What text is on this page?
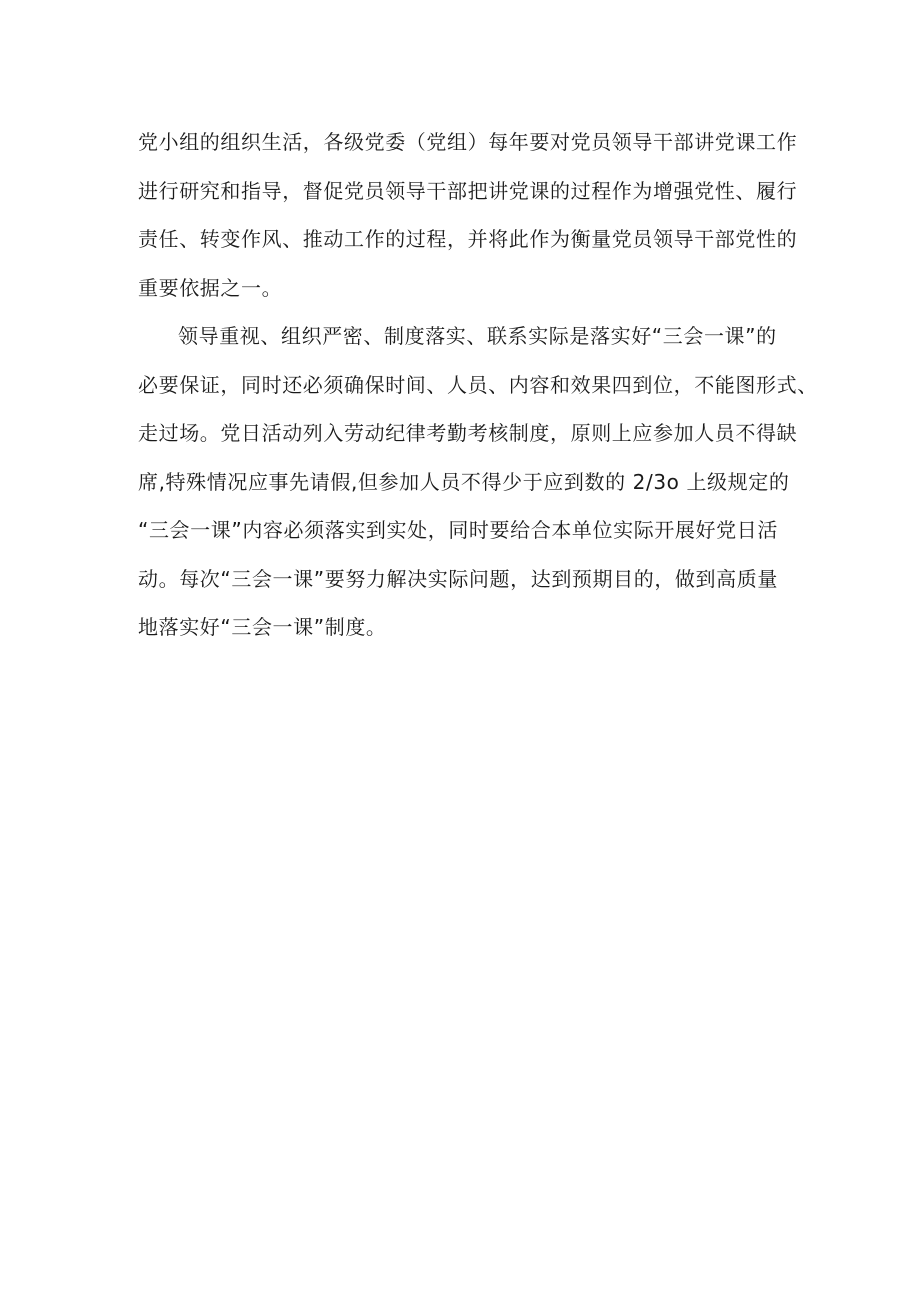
党小组的组织生活，各级党委（党组）每年要对党员领导干部讲党课工作
进行研究和指导，督促党员领导干部把讲党课的过程作为增强党性、履行
责任、转变作风、推动工作的过程，并将此作为衡量党员领导干部党性的
重要依据之一。
领导重视、组织严密、制度落实、联系实际是落实好“三会一课”的
必要保证，同时还必须确保时间、人员、内容和效果四到位，不能图形式、
走过场。党日活动列入劳动纪律考勤考核制度，原则上应参加人员不得缺
席,特殊情况应事先请假,但参加人员不得少于应到数的 2/3o 上级规定的
“三会一课”内容必须落实到实处，同时要给合本单位实际开展好党日活
动。每次“三会一课”要努力解决实际问题，达到预期目的，做到高质量
地落实好“三会一课”制度。
